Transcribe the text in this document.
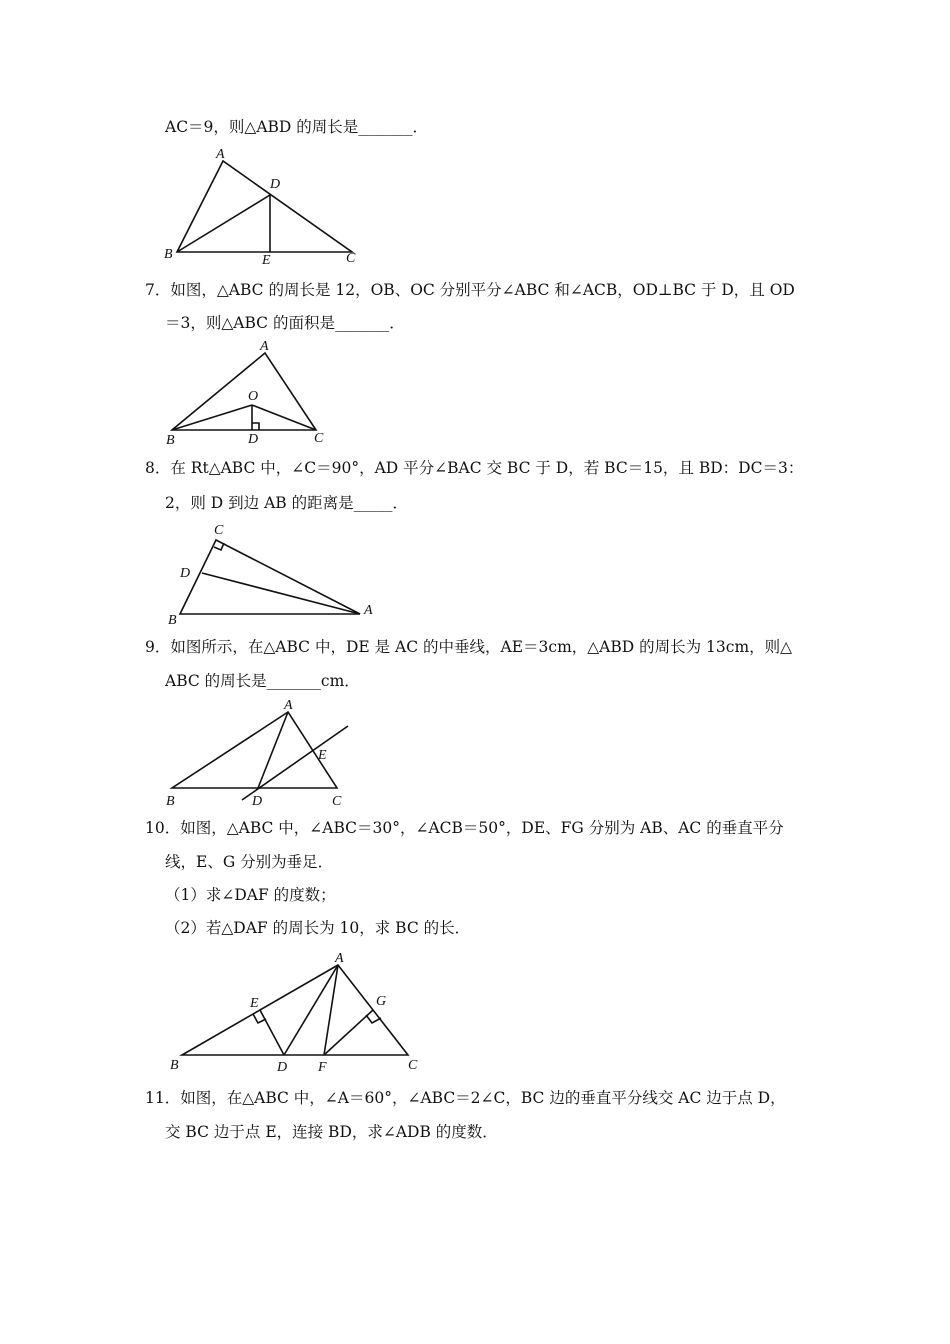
AC＝9，则△ABD 的周长是_______．
A
B	C
D
E
7．如图，△ABC 的周长是 12，OB、OC 分别平分∠ABC 和∠ACB，OD⊥BC 于 D，且 OD
＝3，则△ABC 的面积是_______．
A
B	C
D
O
8．在 Rt△ABC 中，∠C＝90°，AD 平分∠BAC 交 BC 于 D，若 BC＝15，且 BD：DC＝3：
2，则 D 到边 AB 的距离是_____．
A
B
C
D
9．如图所示，在△ABC 中，DE 是 AC 的中垂线，AE＝3cm，△ABD 的周长为 13cm，则△
ABC 的周长是_______cm．
A
B	C
D
E
10．如图，△ABC 中，∠ABC＝30°，∠ACB＝50°，DE、FG 分别为 AB、AC 的垂直平分
线，E、G 分别为垂足．
（1）求∠DAF 的度数；
（2）若△DAF 的周长为 10，求 BC 的长．
A
B	C
D
E
F
G
11．如图，在△ABC 中，∠A＝60°，∠ABC＝2∠C，BC 边的垂直平分线交 AC 边于点 D，
交 BC 边于点 E，连接 BD，求∠ADB 的度数．
